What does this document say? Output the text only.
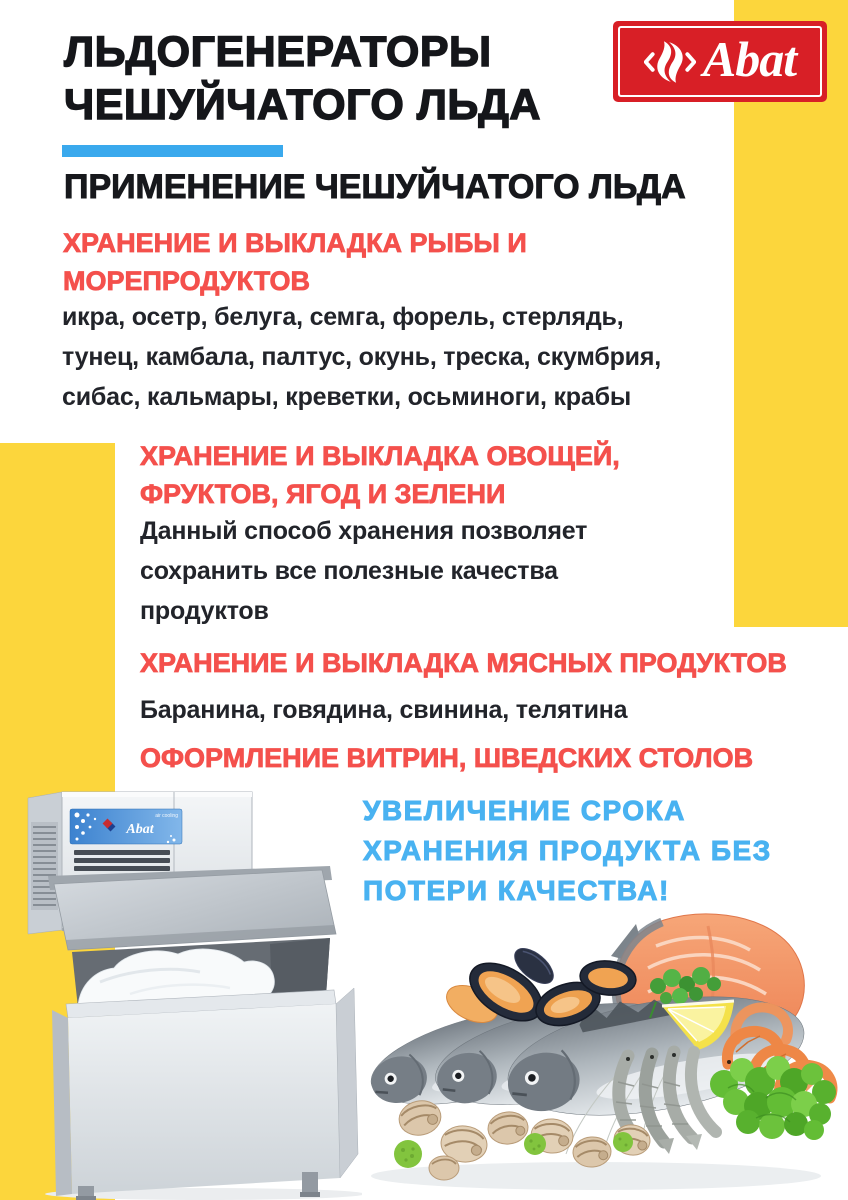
ЛЬДОГЕНЕРАТОРЫ
ЧЕШУЙЧАТОГО ЛЬДА
Abat
ПРИМЕНЕНИЕ ЧЕШУЙЧАТОГО ЛЬДА
ХРАНЕНИЕ И ВЫКЛАДКА РЫБЫ И
МОРЕПРОДУКТОВ
икра, осетр, белуга, семга, форель, стерлядь,
тунец, камбала, палтус, окунь, треска, скумбрия,
сибас, кальмары, креветки, осьминоги, крабы
ХРАНЕНИЕ И ВЫКЛАДКА ОВОЩЕЙ,
ФРУКТОВ, ЯГОД И ЗЕЛЕНИ
Данный способ хранения позволяет
сохранить все полезные качества
продуктов
ХРАНЕНИЕ И ВЫКЛАДКА МЯСНЫХ ПРОДУКТОВ
Баранина, говядина, свинина, телятина
ОФОРМЛЕНИЕ ВИТРИН, ШВЕДСКИХ СТОЛОВ
УВЕЛИЧЕНИЕ СРОКА
ХРАНЕНИЯ ПРОДУКТА БЕЗ
ПОТЕРИ КАЧЕСТВА!
Abat
air cooling
